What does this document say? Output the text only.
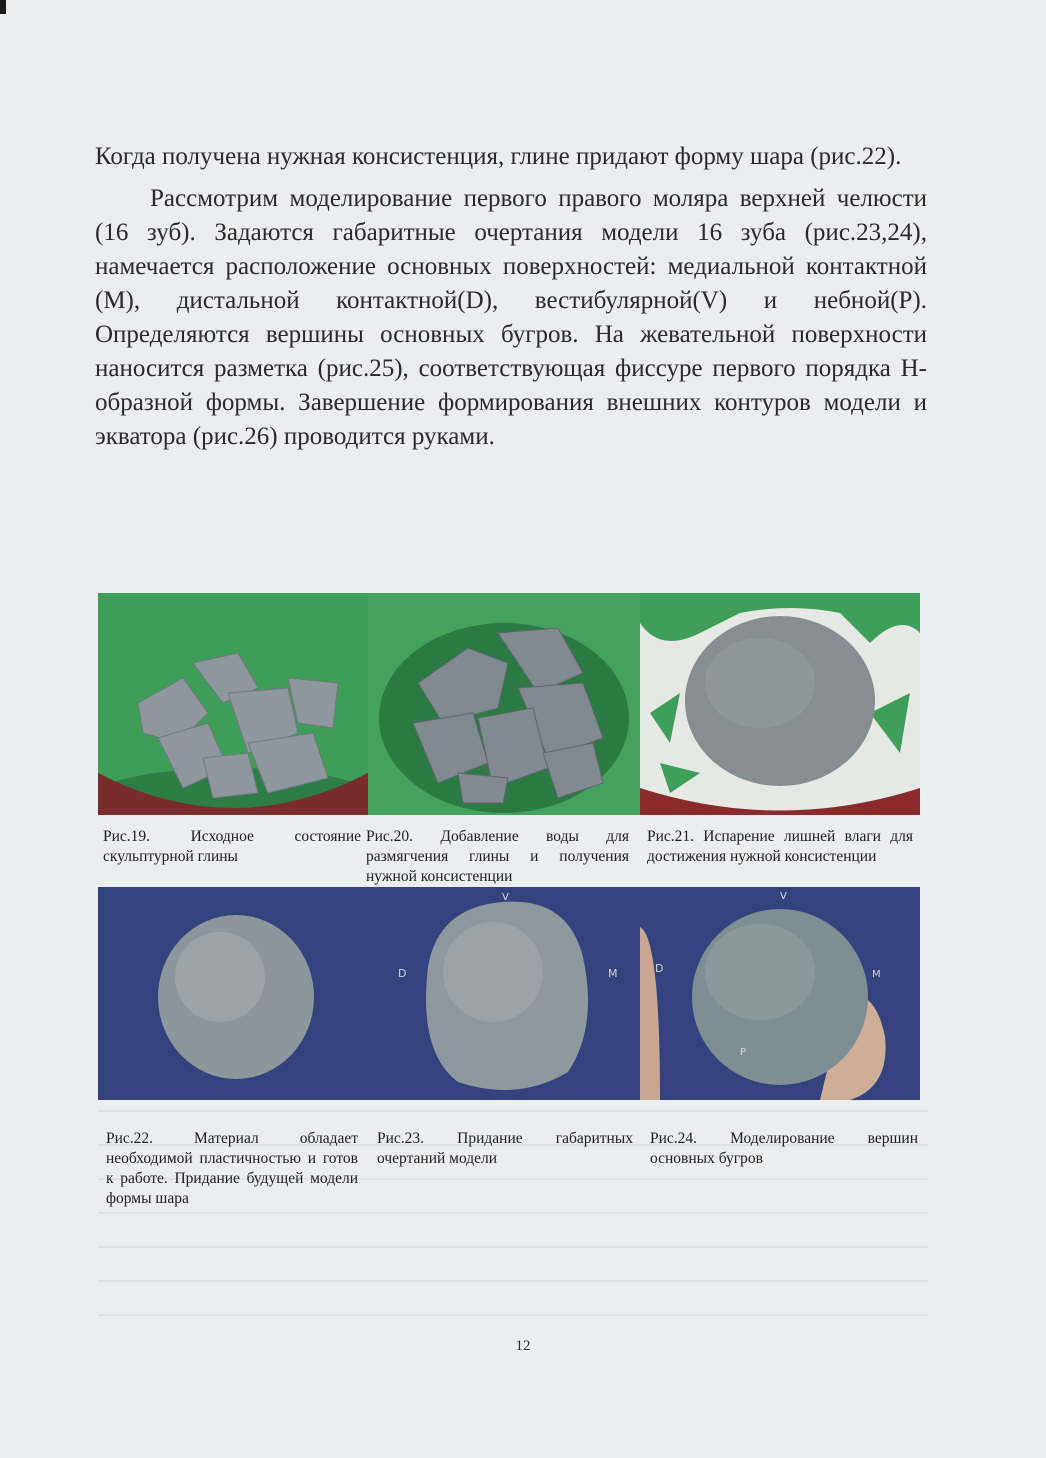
Когда получена нужная консистенция, глине придают форму шара (рис.22).

Рассмотрим моделирование первого правого моляра верхней челюсти (16 зуб). Задаются габаритные очертания модели 16 зуба (рис.23,24), намечается расположение основных поверхностей: медиальной контактной (M), дистальной контактной(D), вестибулярной(V) и небной(P). Определяются вершины основных бугров. На жевательной поверхности наносится разметка (рис.25), соответствующая фиссуре первого порядка H-образной формы. Завершение формирования внешних контуров модели и экватора (рис.26) проводится руками.

Рис.19. Исходное состояние скульптурной глины
Рис.20. Добавление воды для размягчения глины и получения нужной консистенции
Рис.21. Испарение лишней влаги для достижения нужной консистенции
V
D	M
V
D	M
P
Рис.22. Материал обладает необходимой пластичностью и готов к работе. Придание будущей модели формы шара
Рис.23. Придание габаритных очертаний модели
Рис.24. Моделирование вершин основных бугров
12
